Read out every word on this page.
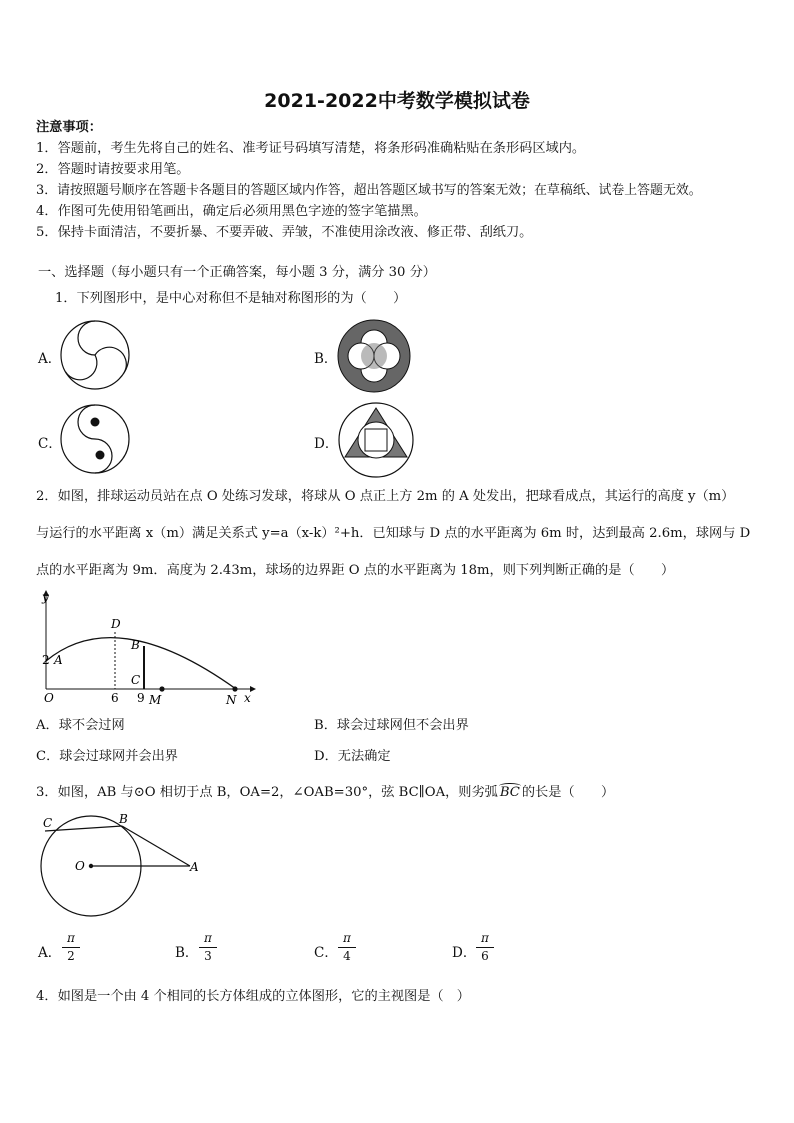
2021-2022中考数学模拟试卷
注意事项：
1．答题前，考生先将自己的姓名、准考证号码填写清楚，将条形码准确粘贴在条形码区域内。
2．答题时请按要求用笔。
3．请按照题号顺序在答题卡各题目的答题区域内作答，超出答题区域书写的答案无效；在草稿纸、试卷上答题无效。
4．作图可先使用铅笔画出，确定后必须用黑色字迹的签字笔描黑。
5．保持卡面清洁，不要折暴、不要弄破、弄皱，不准使用涂改液、修正带、刮纸刀。
一、选择题（每小题只有一个正确答案，每小题 3 分，满分 30 分）
1．下列图形中，是中心对称但不是轴对称图形的为（　　）
A．	B．
C．	D．
2．如图，排球运动员站在点 O 处练习发球，将球从 O 点正上方 2m 的 A 处发出，把球看成点，其运行的高度 y（m）
与运行的水平距离 x（m）满足关系式 y=a（x-k）²+h．已知球与 D 点的水平距离为 6m 时，达到最高 2.6m，球网与 D
点的水平距离为 9m．高度为 2.43m，球场的边界距 O 点的水平距离为 18m，则下列判断正确的是（　　）
y
x
D
B
C
A
2
O	6 9 M	N
A．球不会过网	B．球会过球网但不会出界
C．球会过球网并会出界	D．无法确定
3．如图，AB 与⊙O 相切于点 B，OA=2，∠OAB=30°，弦 BC∥OA，则劣弧 BC 的长是（　　）
C	B
O	A
A．
π
2	B．
π
3	C．
π
4	D．
π
6
4．如图是一个由 4 个相同的长方体组成的立体图形，它的主视图是（　）
